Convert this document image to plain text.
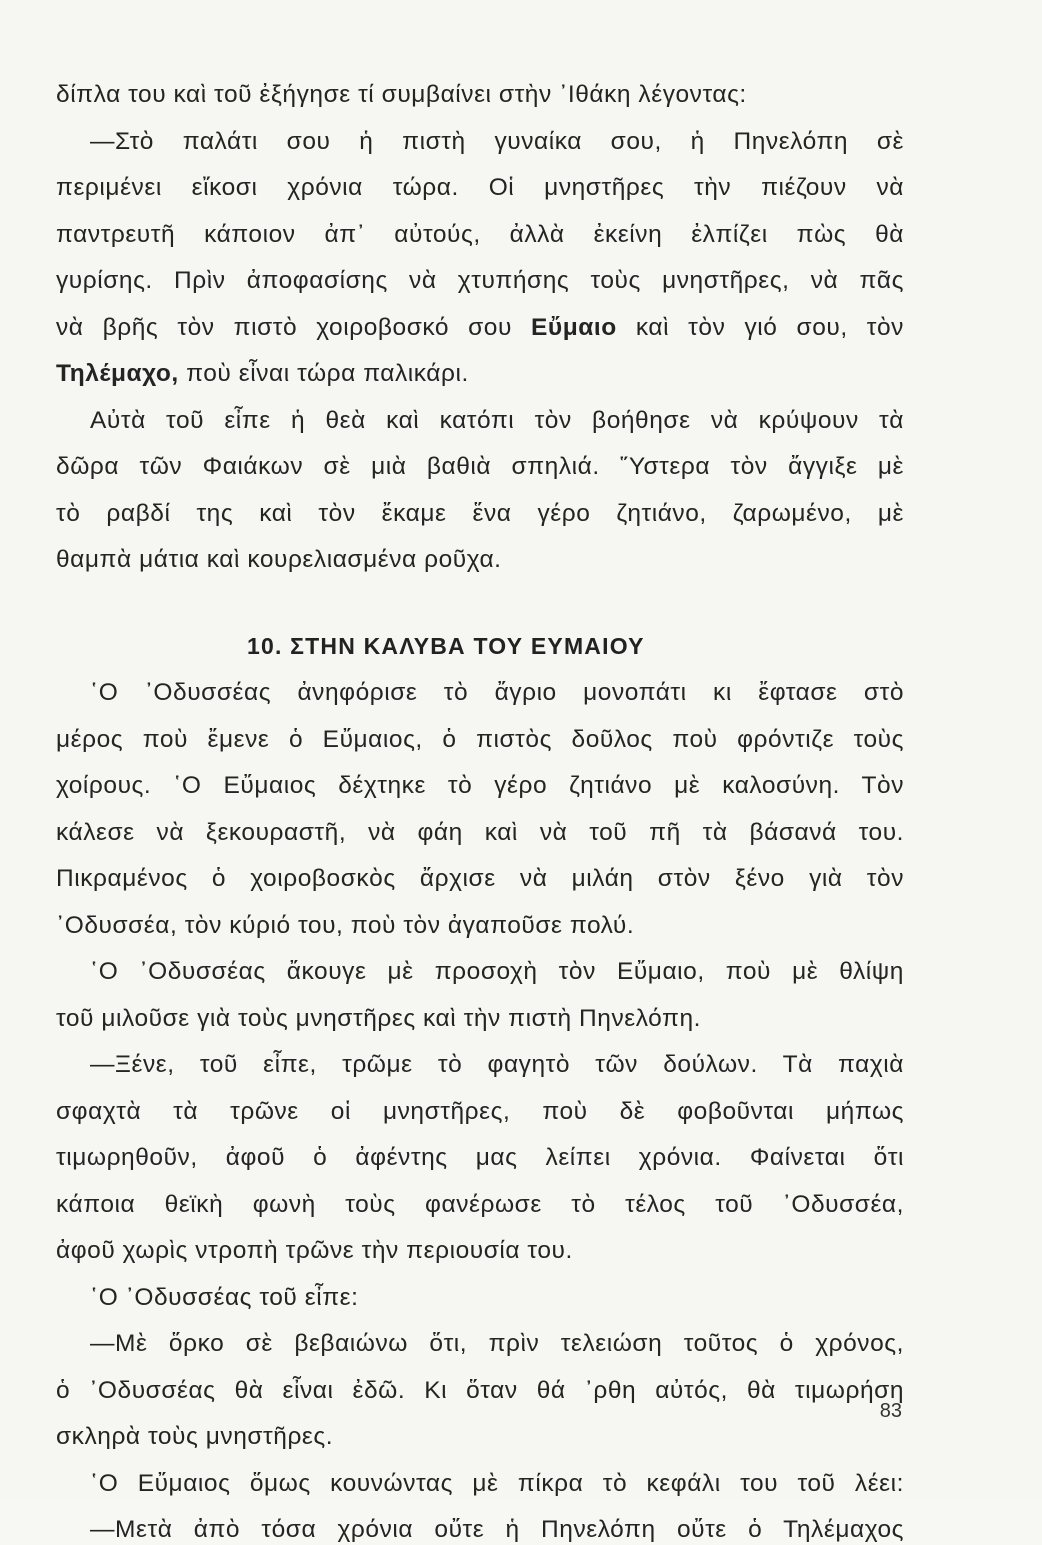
δίπλα του καὶ τοῦ ἐξήγησε τί συμβαίνει στὴν ᾿Ιθάκη λέγοντας:
—Στὸ παλάτι σου ἡ πιστὴ γυναίκα σου, ἡ Πηνελόπη σὲ
περιμένει εἴκοσι χρόνια τώρα. Οἱ μνηστῆρες τὴν πιέζουν νὰ
παντρευτῆ κάποιον ἀπ᾿ αὐτούς, ἀλλὰ ἐκείνη ἐλπίζει πὼς θὰ
γυρίσης. Πρὶν ἀποφασίσης νὰ χτυπήσης τοὺς μνηστῆρες, νὰ πᾶς
νὰ βρῆς τὸν πιστὸ χοιροβοσκό σου Εὔμαιο καὶ τὸν γιό σου, τὸν
Τηλέμαχο, ποὺ εἶναι τώρα παλικάρι.
Αὐτὰ τοῦ εἶπε ἡ θεὰ καὶ κατόπι τὸν βοήθησε νὰ κρύψουν τὰ
δῶρα τῶν Φαιάκων σὲ μιὰ βαθιὰ σπηλιά. ῞Υστερα τὸν ἄγγιξε μὲ
τὸ ραβδί της καὶ τὸν ἔκαμε ἕνα γέρο ζητιάνο, ζαρωμένο, μὲ
θαμπὰ μάτια καὶ κουρελιασμένα ροῦχα.
10. ΣΤΗΝ ΚΑΛΥΒΑ ΤΟΥ ΕΥΜΑΙΟΥ
῾Ο ᾿Οδυσσέας ἀνηφόρισε τὸ ἄγριο μονοπάτι κι ἔφτασε στὸ
μέρος ποὺ ἔμενε ὁ Εὔμαιος, ὁ πιστὸς δοῦλος ποὺ φρόντιζε τοὺς
χοίρους. ῾Ο Εὔμαιος δέχτηκε τὸ γέρο ζητιάνο μὲ καλοσύνη. Τὸν
κάλεσε νὰ ξεκουραστῆ, νὰ φάη καὶ νὰ τοῦ πῆ τὰ βάσανά του.
Πικραμένος ὁ χοιροβοσκὸς ἄρχισε νὰ μιλάη στὸν ξένο γιὰ τὸν
᾿Οδυσσέα, τὸν κύριό του, ποὺ τὸν ἀγαποῦσε πολύ.
῾Ο ᾿Οδυσσέας ἄκουγε μὲ προσοχὴ τὸν Εὔμαιο, ποὺ μὲ θλίψη
τοῦ μιλοῦσε γιὰ τοὺς μνηστῆρες καὶ τὴν πιστὴ Πηνελόπη.
—Ξένε, τοῦ εἶπε, τρῶμε τὸ φαγητὸ τῶν δούλων. Τὰ παχιὰ
σφαχτὰ τὰ τρῶνε οἱ μνηστῆρες, ποὺ δὲ φοβοῦνται μήπως
τιμωρηθοῦν, ἀφοῦ ὁ ἀφέντης μας λείπει χρόνια. Φαίνεται ὅτι
κάποια θεϊκὴ φωνὴ τοὺς φανέρωσε τὸ τέλος τοῦ ᾿Οδυσσέα,
ἀφοῦ χωρὶς ντροπὴ τρῶνε τὴν περιουσία του.
῾Ο ᾿Οδυσσέας τοῦ εἶπε:
—Μὲ ὅρκο σὲ βεβαιώνω ὅτι, πρὶν τελειώση τοῦτος ὁ χρόνος,
ὁ ᾿Οδυσσέας θὰ εἶναι ἐδῶ. Κι ὅταν θά ᾿ρθη αὐτός, θὰ τιμωρήση
σκληρὰ τοὺς μνηστῆρες.
῾Ο Εὔμαιος ὅμως κουνώντας μὲ πίκρα τὸ κεφάλι του τοῦ λέει:
—Μετὰ ἀπὸ τόσα χρόνια οὔτε ἡ Πηνελόπη οὔτε ὁ Τηλέμαχος
83
